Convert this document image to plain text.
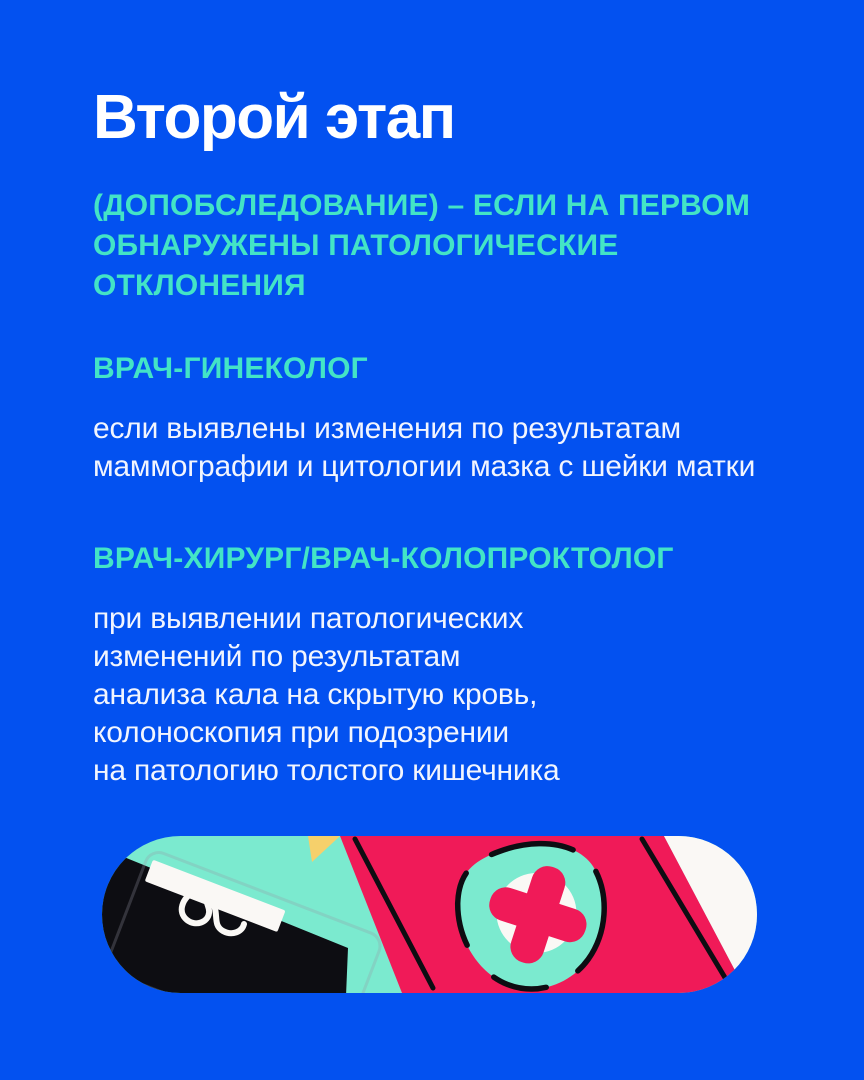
Второй этап
(ДОПОБСЛЕДОВАНИЕ) – ЕСЛИ НА ПЕРВОМ
ОБНАРУЖЕНЫ ПАТОЛОГИЧЕСКИЕ
ОТКЛОНЕНИЯ
ВРАЧ-ГИНЕКОЛОГ
если выявлены изменения по результатам
маммографии и цитологии мазка с шейки матки
ВРАЧ-ХИРУРГ/ВРАЧ-КОЛОПРОКТОЛОГ
при выявлении патологических
изменений по результатам
анализа кала на скрытую кровь,
колоноскопия при подозрении
на патологию толстого кишечника
